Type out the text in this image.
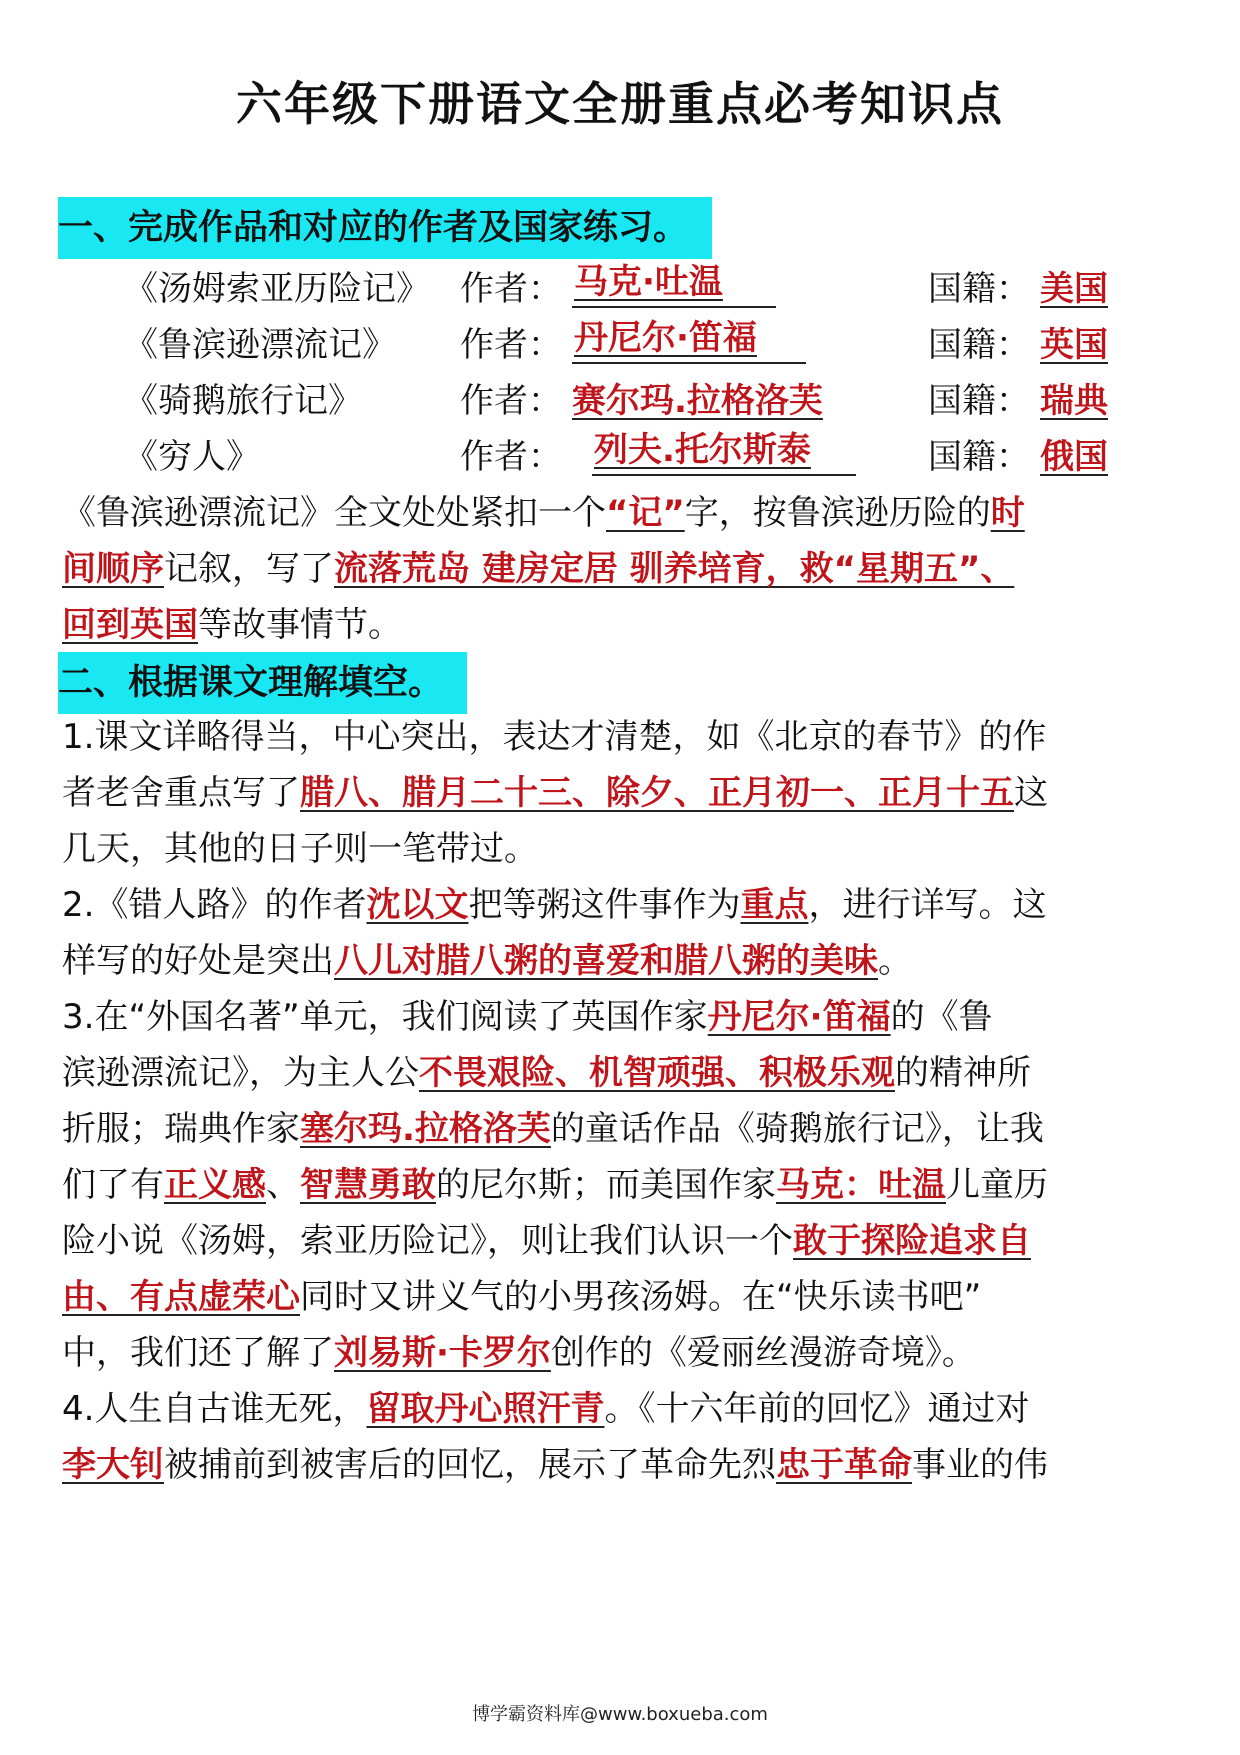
六年级下册语文全册重点必考知识点
一、完成作品和对应的作者及国家练习。
《汤姆索亚历险记》 作者： 马克·吐温	国籍： 美国
《鲁滨逊漂流记》 作者： 丹尼尔·笛福	国籍： 英国
《骑鹅旅行记》	作者： 赛尔玛.拉格洛芙	国籍： 瑞典
《穷人》	作者： 列夫.托尔斯泰	国籍： 俄国
《鲁滨逊漂流记》全文处处紧扣一个“记”字，按鲁滨逊历险的时
间顺序记叙，写了流落荒岛 建房定居 驯养培育，救“星期五”、
回到英国等故事情节。
二、根据课文理解填空。
1.课文详略得当，中心突出，表达才清楚，如《北京的春节》的作
者老舍重点写了腊八、腊月二十三、除夕、正月初一、正月十五这
几天，其他的日子则一笔带过。
2.《错人路》的作者沈以文把等粥这件事作为重点，进行详写。这
样写的好处是突出八儿对腊八粥的喜爱和腊八粥的美味。
3.在“外国名著”单元，我们阅读了英国作家丹尼尔·笛福的《鲁
滨逊漂流记》，为主人公不畏艰险、机智顽强、积极乐观的精神所
折服；瑞典作家塞尔玛.拉格洛芙的童话作品《骑鹅旅行记》，让我
们了有正义感、智慧勇敢的尼尔斯；而美国作家马克：吐温儿童历
险小说《汤姆，索亚历险记》，则让我们认识一个敢于探险追求自
由、有点虚荣心同时又讲义气的小男孩汤姆。在“快乐读书吧”
中，我们还了解了刘易斯·卡罗尔创作的《爱丽丝漫游奇境》。
4.人生自古谁无死，留取丹心照汗青。《十六年前的回忆》通过对
李大钊被捕前到被害后的回忆，展示了革命先烈忠于革命事业的伟
博学霸资料库@www.boxueba.com
